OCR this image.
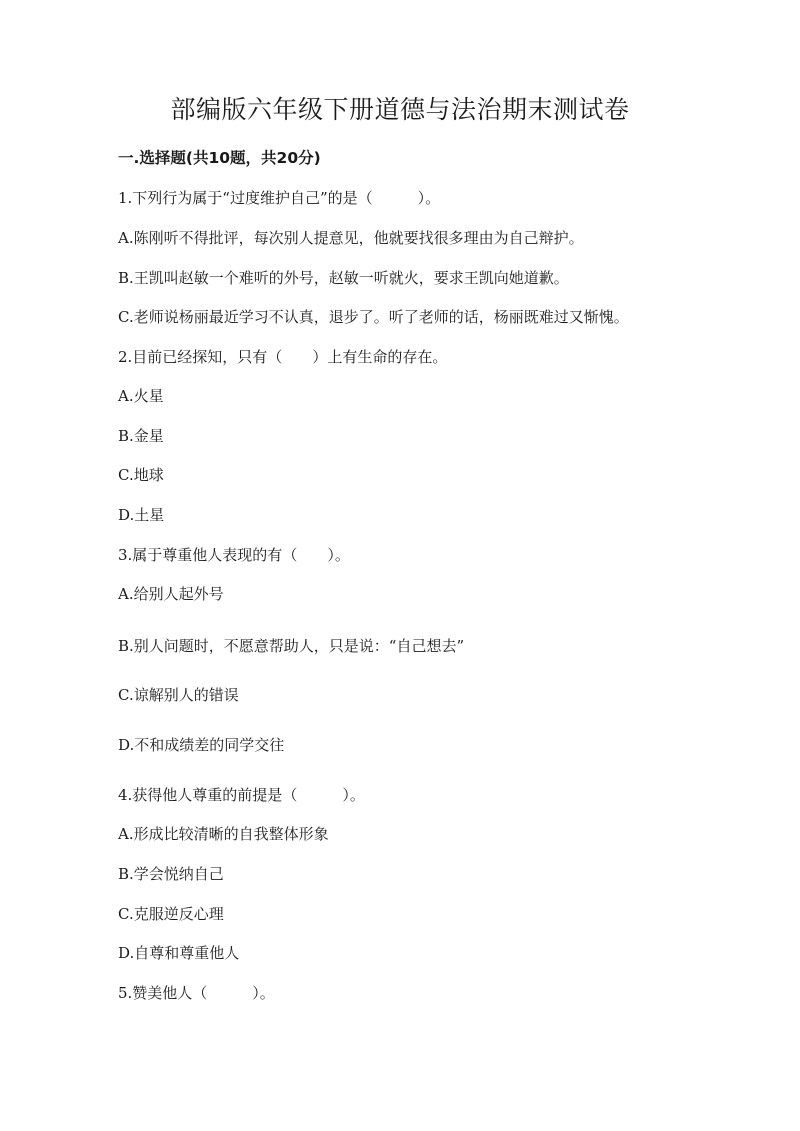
部编版六年级下册道德与法治期末测试卷
一.选择题(共10题，共20分)
1.下列行为属于“过度维护自己”的是（　　　）。
A.陈刚听不得批评，每次别人提意见，他就要找很多理由为自己辩护。
B.王凯叫赵敏一个难听的外号，赵敏一听就火，要求王凯向她道歉。
C.老师说杨丽最近学习不认真，退步了。听了老师的话，杨丽既难过又惭愧。
2.目前已经探知，只有（　　）上有生命的存在。
A.火星
B.金星
C.地球
D.土星
3.属于尊重他人表现的有（　　）。
A.给别人起外号
B.别人问题时，不愿意帮助人，只是说：“自己想去”
C.谅解别人的错误
D.不和成绩差的同学交往
4.获得他人尊重的前提是（　　　）。
A.形成比较清晰的自我整体形象
B.学会悦纳自己
C.克服逆反心理
D.自尊和尊重他人
5.赞美他人（　　　）。
